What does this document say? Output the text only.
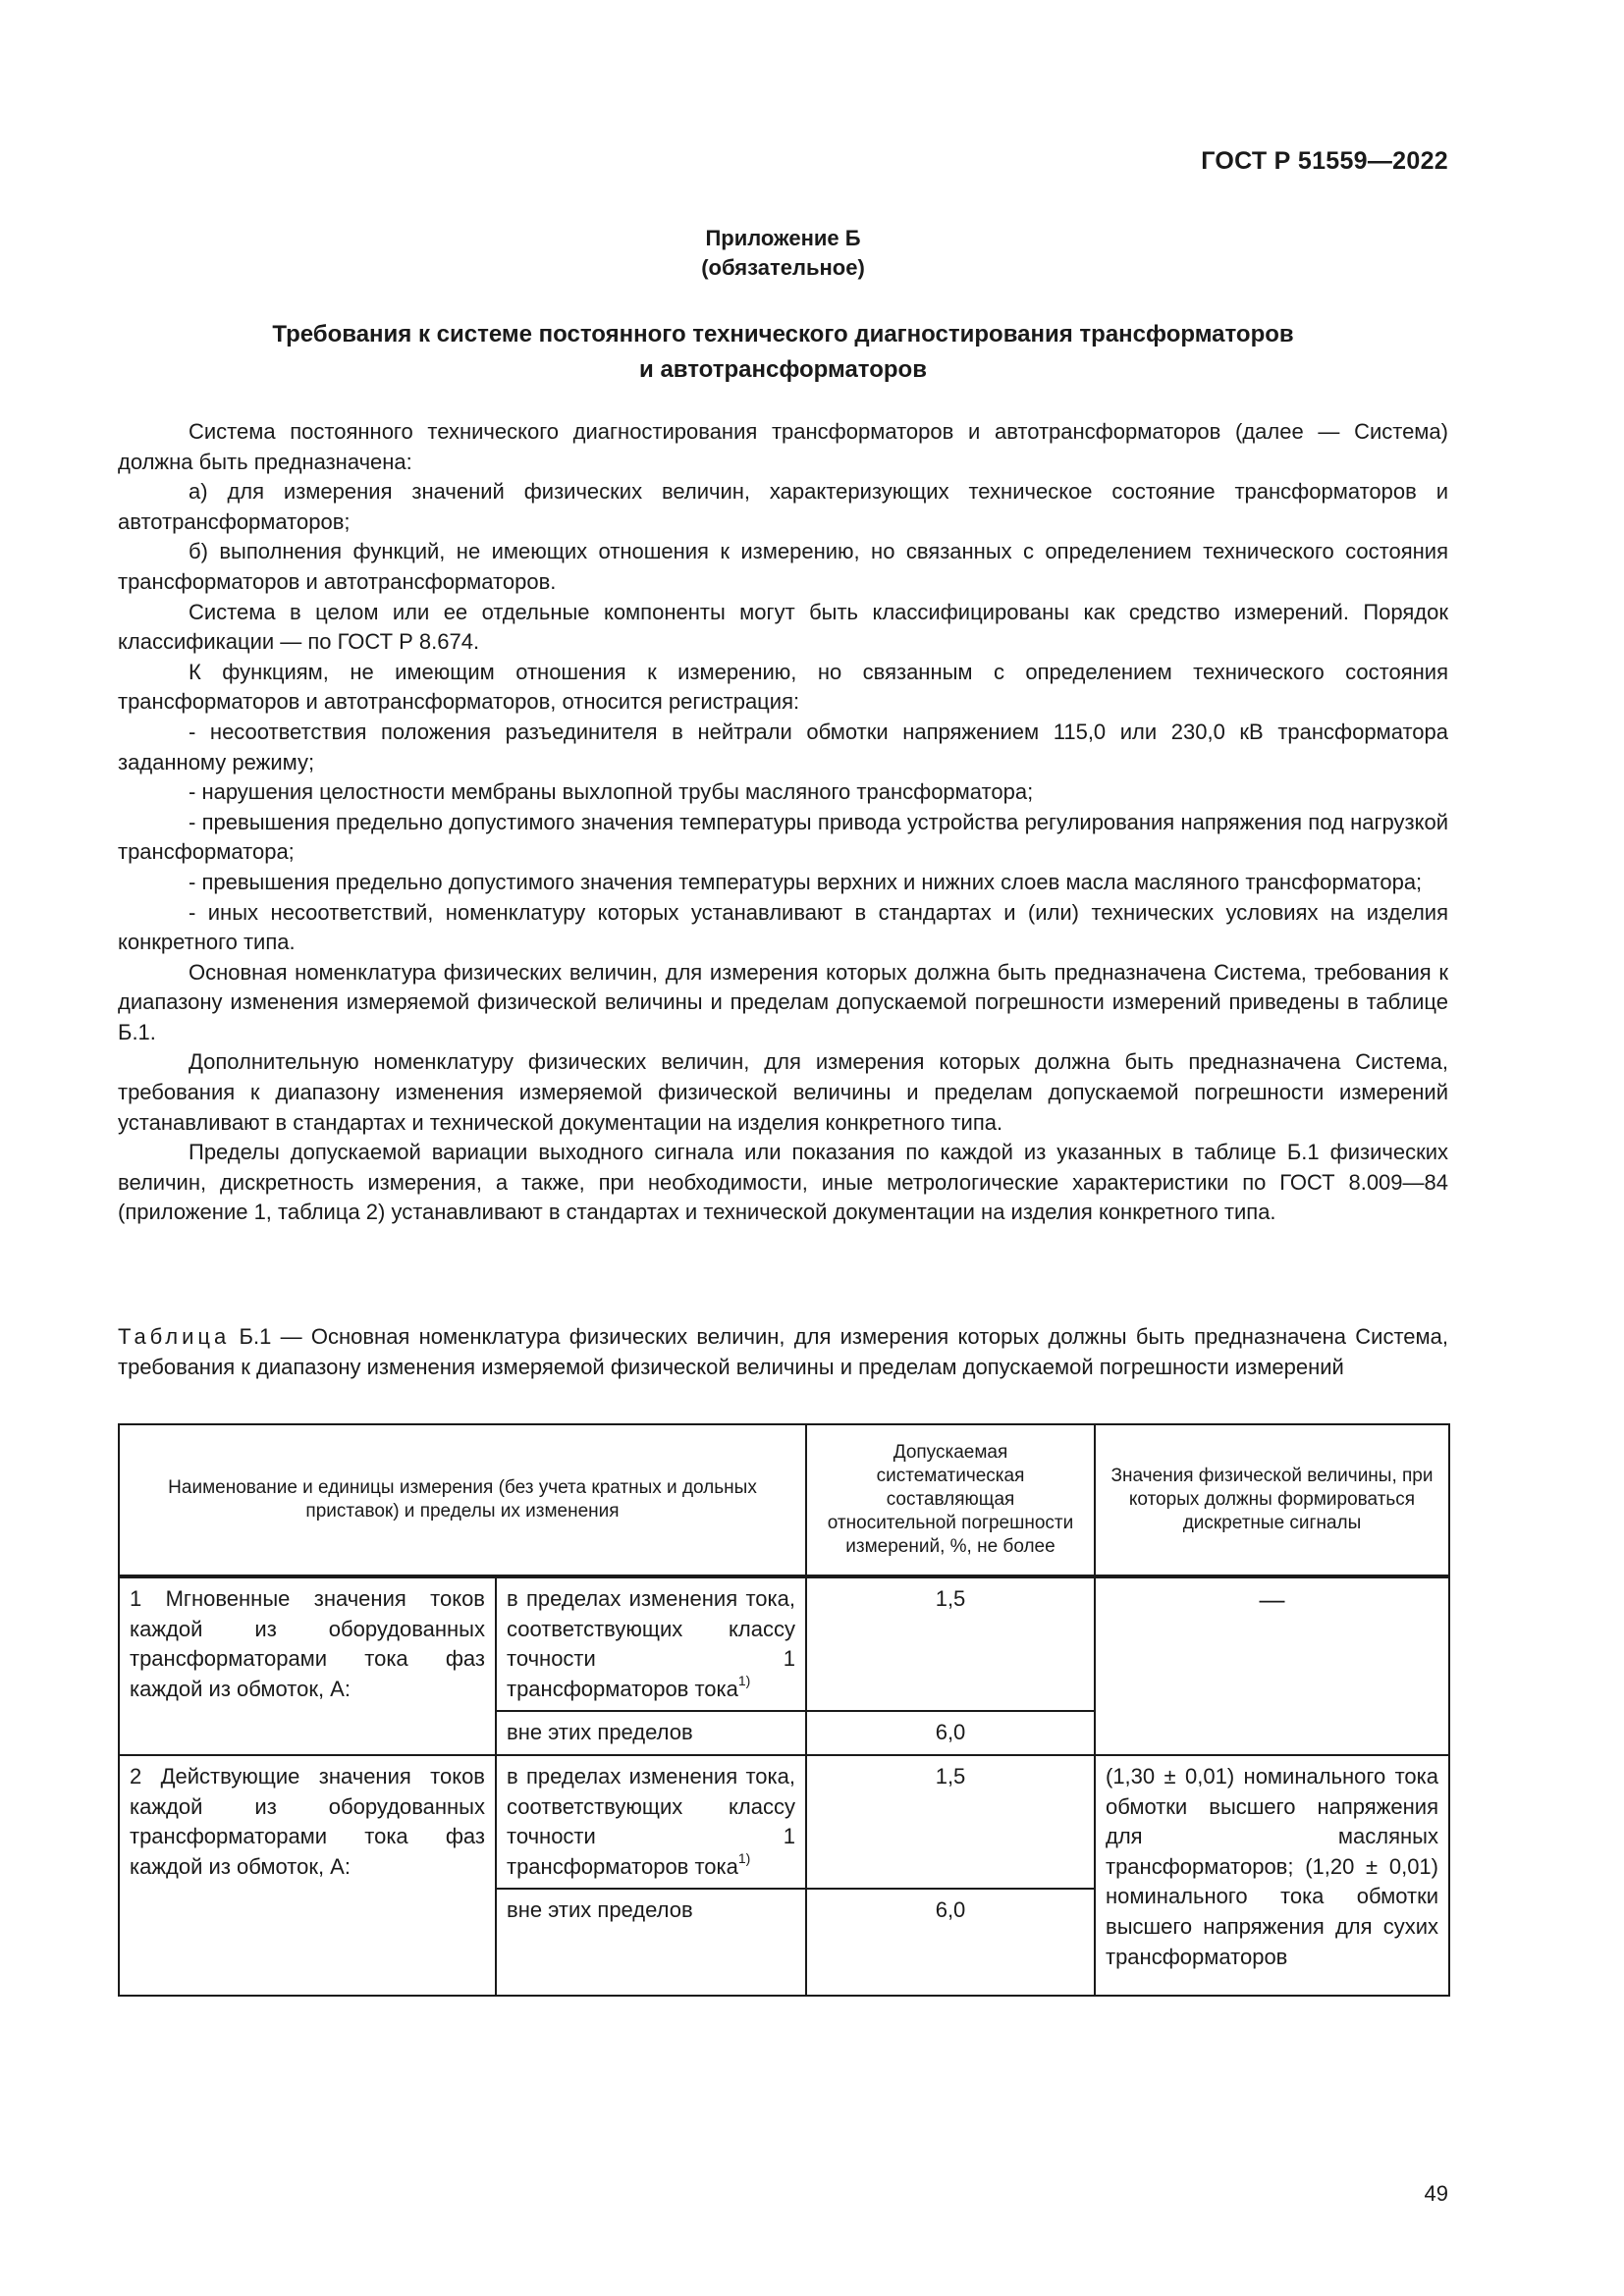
ГОСТ Р 51559—2022
Приложение Б
(обязательное)
Требования к системе постоянного технического диагностирования трансформаторов
и автотрансформаторов

Система постоянного технического диагностирования трансформаторов и автотрансформаторов (далее — Система) должна быть предназначена:

а) для измерения значений физических величин, характеризующих техническое состояние трансформаторов и автотрансформаторов;

б) выполнения функций, не имеющих отношения к измерению, но связанных с определением технического состояния трансформаторов и автотрансформаторов.

Система в целом или ее отдельные компоненты могут быть классифицированы как средство измерений. Порядок классификации — по ГОСТ Р 8.674.

К функциям, не имеющим отношения к измерению, но связанным с определением технического состояния трансформаторов и автотрансформаторов, относится регистрация:

- несоответствия положения разъединителя в нейтрали обмотки напряжением 115,0 или 230,0 кВ трансформатора заданному режиму;

- нарушения целостности мембраны выхлопной трубы масляного трансформатора;

- превышения предельно допустимого значения температуры привода устройства регулирования напряжения под нагрузкой трансформатора;

- превышения предельно допустимого значения температуры верхних и нижних слоев масла масляного трансформатора;

- иных несоответствий, номенклатуру которых устанавливают в стандартах и (или) технических условиях на изделия конкретного типа.

Основная номенклатура физических величин, для измерения которых должна быть предназначена Система, требования к диапазону изменения измеряемой физической величины и пределам допускаемой погрешности измерений приведены в таблице Б.1.

Дополнительную номенклатуру физических величин, для измерения которых должна быть предназначена Система, требования к диапазону изменения измеряемой физической величины и пределам допускаемой погрешности измерений устанавливают в стандартах и технической документации на изделия конкретного типа.

Пределы допускаемой вариации выходного сигнала или показания по каждой из указанных в таблице Б.1 физических величин, дискретность измерения, а также, при необходимости, иные метрологические характеристики по ГОСТ 8.009—84 (приложение 1, таблица 2) устанавливают в стандартах и технической документации на изделия конкретного типа.

Таблица Б.1 — Основная номенклатура физических величин, для измерения которых должны быть предназначена Система, требования к диапазону изменения измеряемой физической величины и пределам допускаемой погрешности измерений
Наименование и единицы измерения (без учета кратных и дольных приставок) и пределы их изменения		Допускаемая систематическая составляющая относительной погрешности измерений, %, не более	Значения физической величины, при которых должны формироваться дискретные сигналы
1 Мгновенные значения токов каждой из оборудованных трансформаторами тока фаз каждой из обмоток, А:	в пределах изменения тока, соответствующих классу точности 1 трансформаторов тока$^{1)}$	1,5	—
	вне этих пределов	6,0	
2 Действующие значения токов каждой из оборудованных трансформаторами тока фаз каждой из обмоток, А:	в пределах изменения тока, соответствующих классу точности 1 трансформаторов тока$^{1)}$	1,5	(1,30 ± 0,01) номинального тока обмотки высшего напряжения для масляных трансформаторов; (1,20 ± 0,01) номинального тока обмотки высшего напряжения для сухих трансформаторов
	вне этих пределов	6,0	
49
